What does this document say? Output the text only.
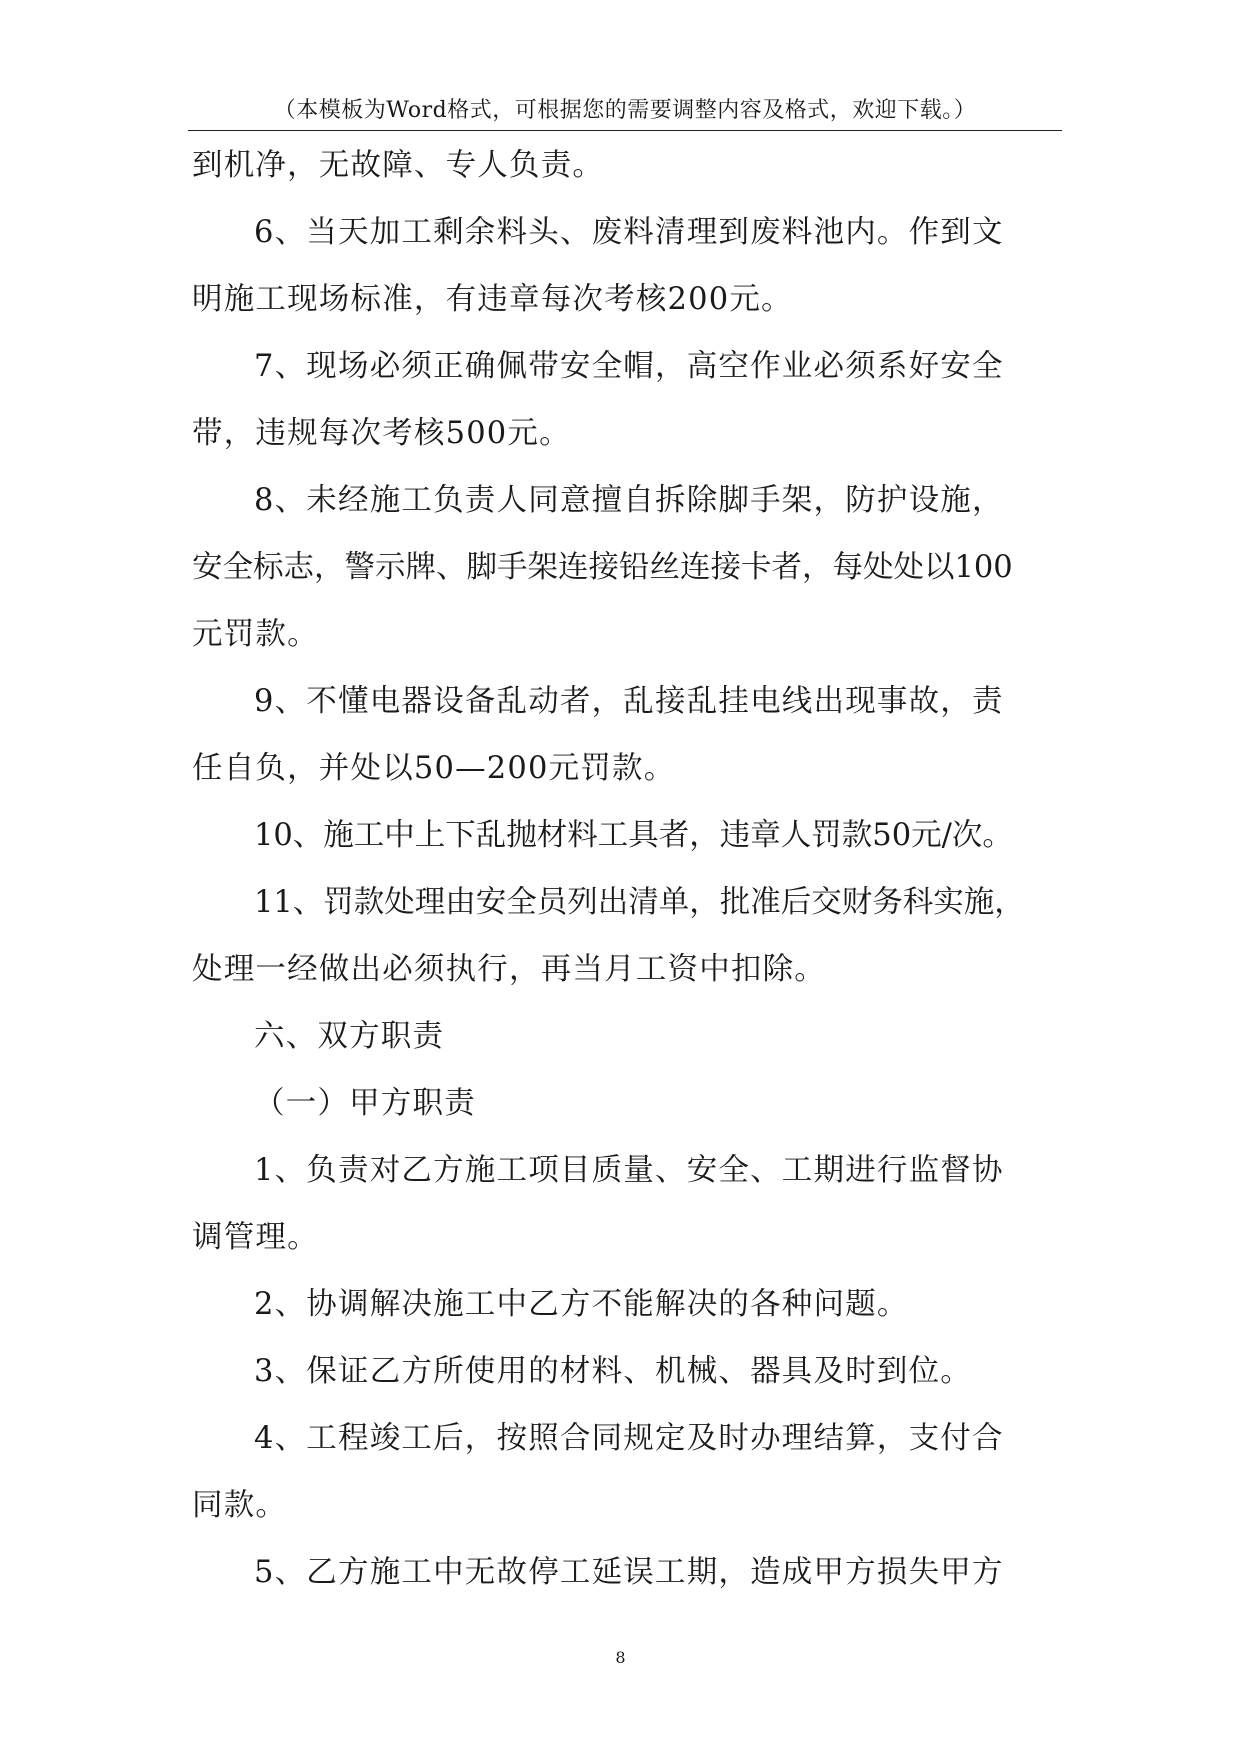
（本模板为Word格式，可根据您的需要调整内容及格式，欢迎下载。）
到机净，无故障、专人负责。
6、当天加工剩余料头、废料清理到废料池内。作到文
明施工现场标准，有违章每次考核200元。
7、现场必须正确佩带安全帽，高空作业必须系好安全
带，违规每次考核500元。
8、未经施工负责人同意擅自拆除脚手架，防护设施，
安全标志，警示牌、脚手架连接铅丝连接卡者，每处处以100
元罚款。
9、不懂电器设备乱动者，乱接乱挂电线出现事故，责
任自负，并处以50—200元罚款。
10、施工中上下乱抛材料工具者，违章人罚款50元/次。
11、罚款处理由安全员列出清单，批准后交财务科实施，
处理一经做出必须执行，再当月工资中扣除。
六、双方职责
（一）甲方职责
1、负责对乙方施工项目质量、安全、工期进行监督协
调管理。
2、协调解决施工中乙方不能解决的各种问题。
3、保证乙方所使用的材料、机械、器具及时到位。
4、工程竣工后，按照合同规定及时办理结算，支付合
同款。
5、乙方施工中无故停工延误工期，造成甲方损失甲方
8
